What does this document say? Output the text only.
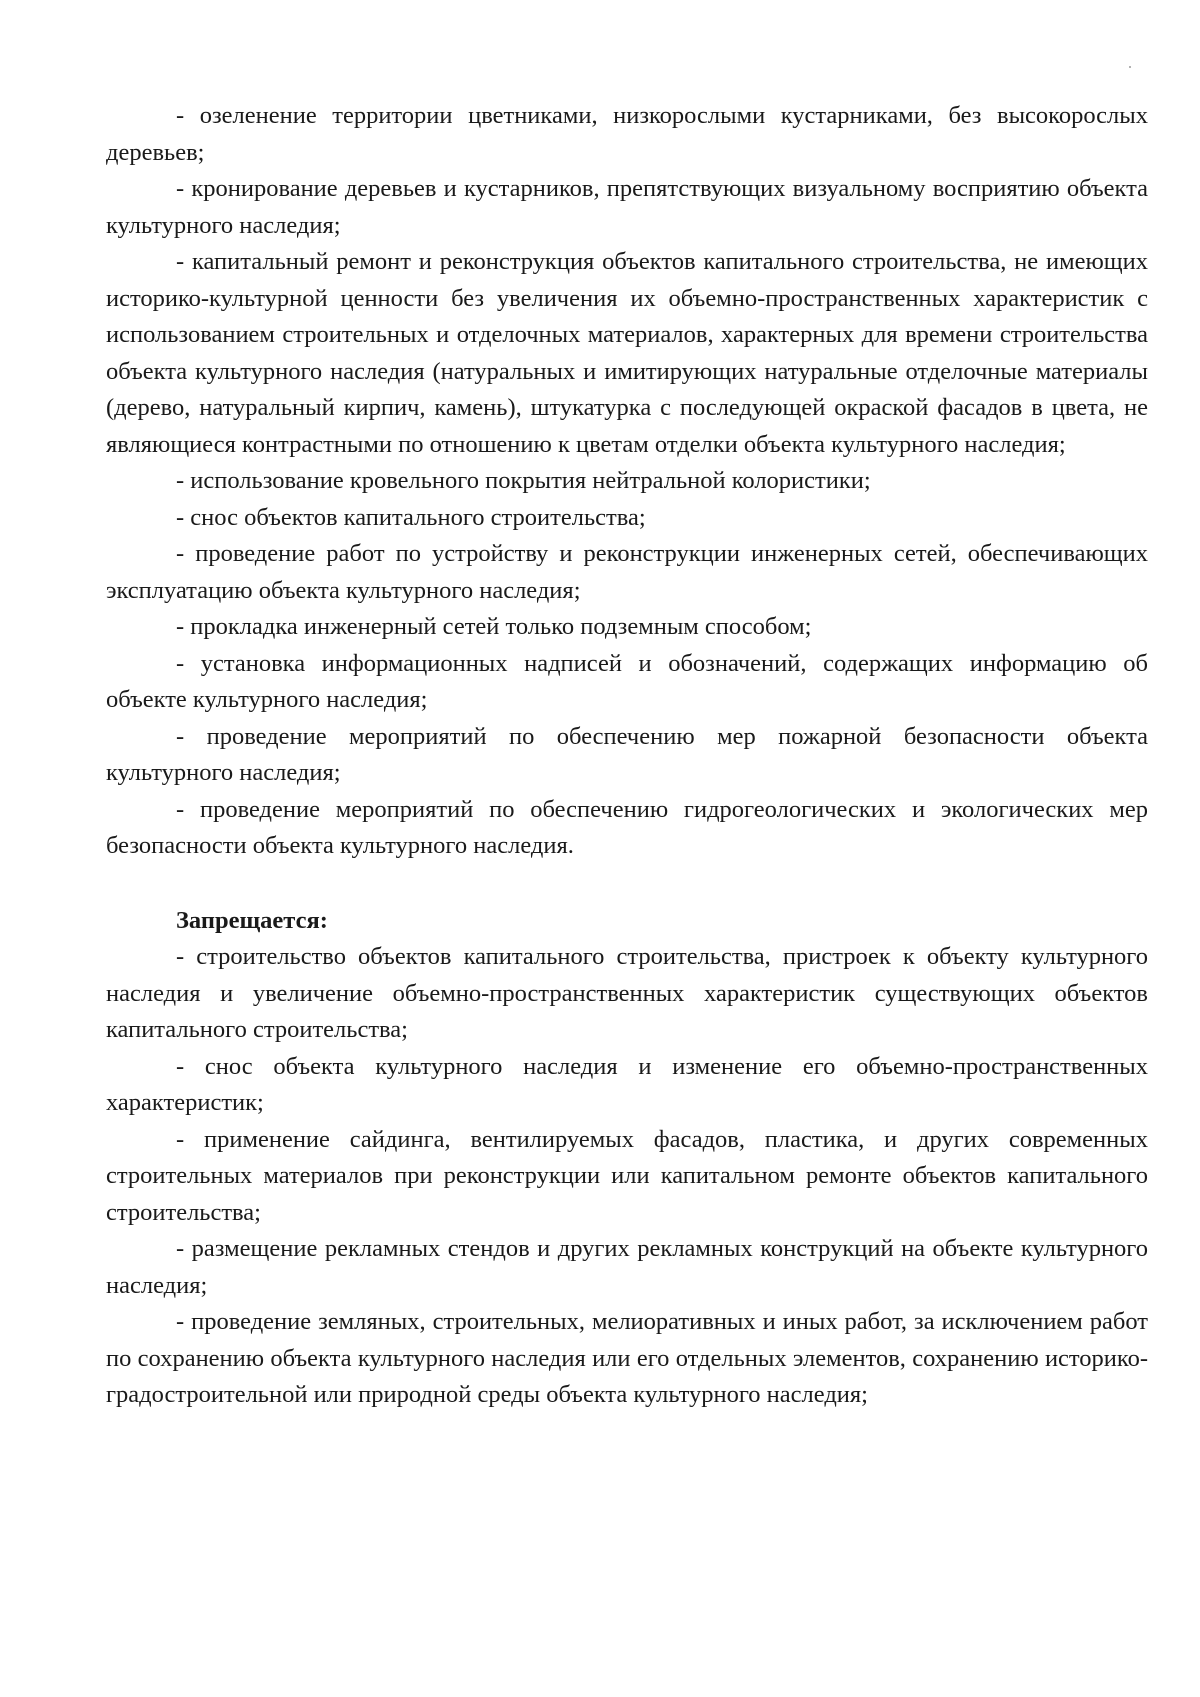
- озеленение территории цветниками, низкорослыми кустарниками, без высокорослых деревьев;

- кронирование деревьев и кустарников, препятствующих визуальному восприятию объекта культурного наследия;

- капитальный ремонт и реконструкция объектов капитального строительства, не имеющих историко-культурной ценности без увеличения их объемно-пространственных характеристик с использованием строительных и отделочных материалов, характерных для времени строительства объекта культурного наследия (натуральных и имитирующих натуральные отделочные материалы (дерево, натуральный кирпич, камень), штукатурка с последующей окраской фасадов в цвета, не являющиеся контрастными по отношению к цветам отделки объекта культурного наследия;

- использование кровельного покрытия нейтральной колористики;

- снос объектов капитального строительства;

- проведение работ по устройству и реконструкции инженерных сетей, обеспечивающих эксплуатацию объекта культурного наследия;

- прокладка инженерный сетей только подземным способом;

- установка информационных надписей и обозначений, содержащих информацию об объекте культурного наследия;

- проведение мероприятий по обеспечению мер пожарной безопасности объекта культурного наследия;

- проведение мероприятий по обеспечению гидрогеологических и экологических мер безопасности объекта культурного наследия.

Запрещается:

- строительство объектов капитального строительства, пристроек к объекту культурного наследия и увеличение объемно-пространственных характеристик существующих объектов капитального строительства;

- снос объекта культурного наследия и изменение его объемно-пространственных характеристик;

- применение сайдинга, вентилируемых фасадов, пластика, и других современных строительных материалов при реконструкции или капитальном ремонте объектов капитального строительства;

- размещение рекламных стендов и других рекламных конструкций на объекте культурного наследия;

- проведение земляных, строительных, мелиоративных и иных работ, за исключением работ по сохранению объекта культурного наследия или его отдельных элементов, сохранению историко-градостроительной или природной среды объекта культурного наследия;
